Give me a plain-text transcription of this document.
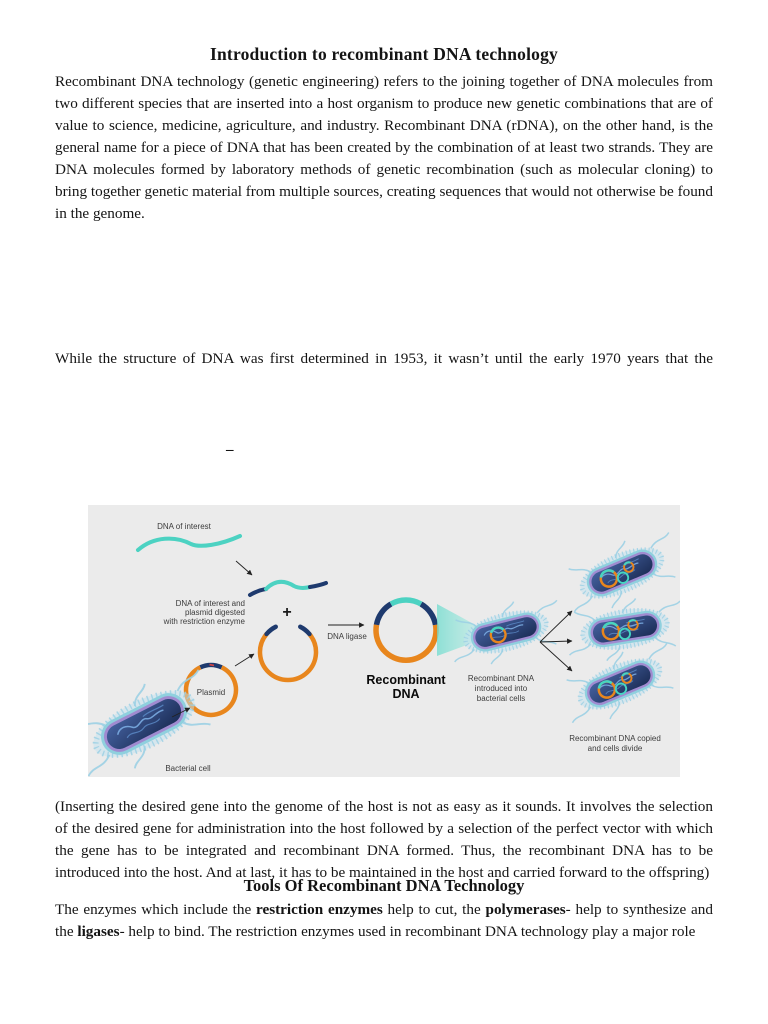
Introduction to recombinant DNA technology
Recombinant DNA technology (genetic engineering) refers to the joining together of DNA molecules from two different species that are inserted into a host organism to produce new genetic combinations that are of value to science, medicine, agriculture, and industry. Recombinant DNA (rDNA), on the other hand, is the general name for a piece of DNA that has been created by the combination of at least two strands. They are DNA molecules formed by laboratory methods of genetic recombination (such as molecular cloning) to bring together genetic material from multiple sources, creating sequences that would not otherwise be found in the genome.
While the structure of DNA was first determined in 1953, it wasn’t until the early 1970 years that the
–
DNA of interest
DNA of interest and
plasmid digested
with restriction enzyme
+
DNA ligase
Recombinant
DNA
Recombinant DNA
introduced into
bacterial cells
Recombinant DNA copied
and cells divide
Plasmid
Bacterial cell
(Inserting the desired gene into the genome of the host is not as easy as it sounds. It involves the selection of the desired gene for administration into the host followed by a selection of the perfect vector with which the gene has to be integrated and recombinant DNA formed. Thus, the recombinant DNA has to be introduced into the host. And at last, it has to be maintained in the host and carried forward to the offspring)
Tools Of Recombinant DNA Technology
The enzymes which include the restriction enzymes help to cut, the polymerases- help to synthesize and the ligases- help to bind. The restriction enzymes used in recombinant DNA technology play a major role
